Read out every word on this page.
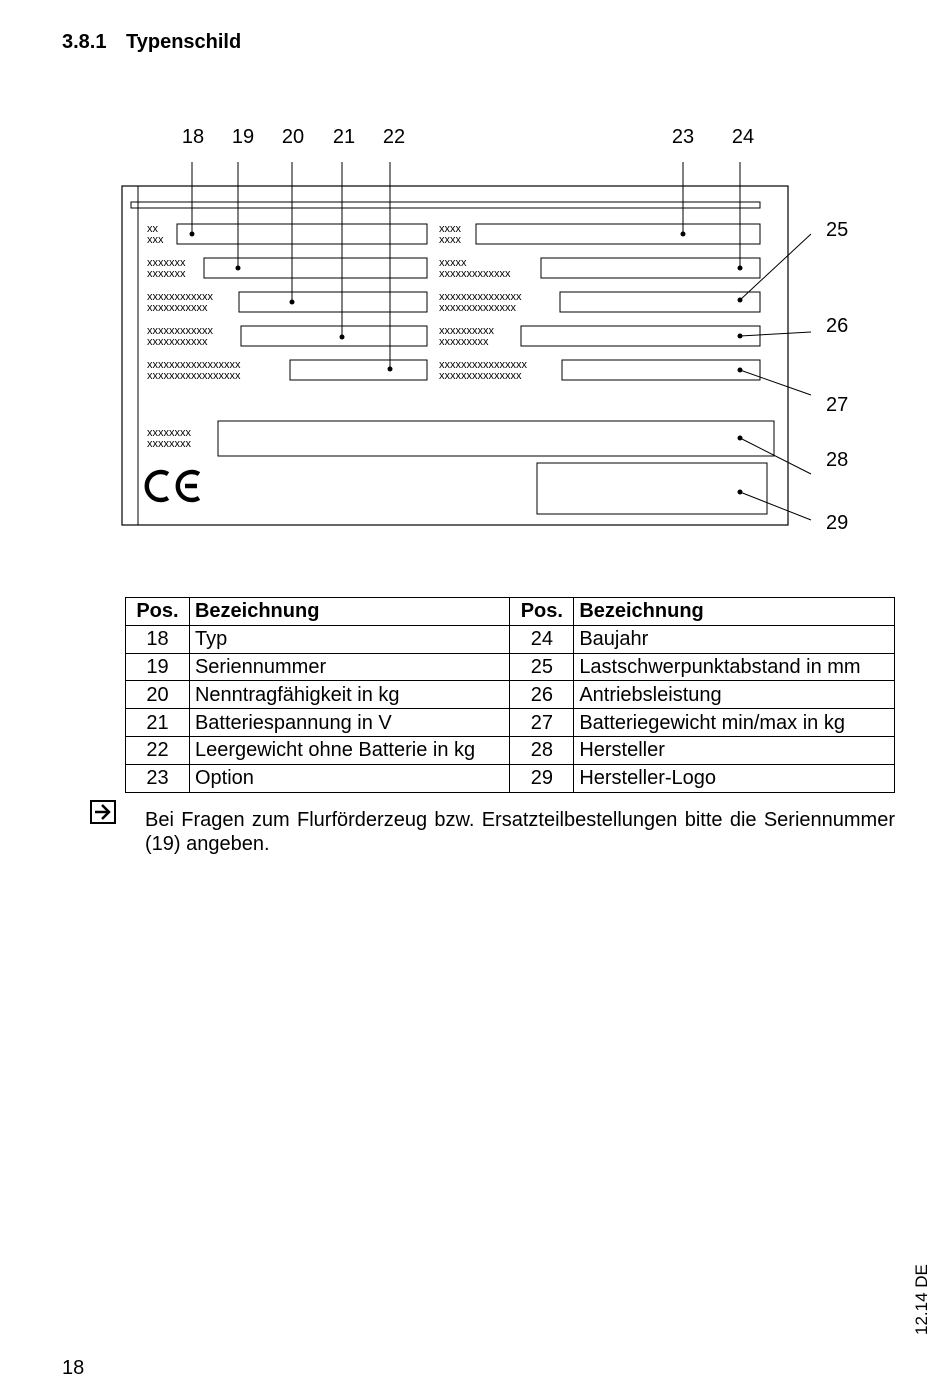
3.8.1 Typenschild
xx xxx
xxxxxxx xxxxxxx
xxxxxxxxxxxx xxxxxxxxxxx
xxxxxxxxxxxx xxxxxxxxxxx
xxxxxxxxxxxxxxxxx xxxxxxxxxxxxxxxxx
xxxx xxxx
xxxxx xxxxxxxxxxxxx
xxxxxxxxxxxxxxx xxxxxxxxxxxxxx
xxxxxxxxxx xxxxxxxxx
xxxxxxxxxxxxxxxx xxxxxxxxxxxxxxx
xxxxxxxx xxxxxxxx
18 19 20 21 22	23 24
25
26
27
28
29
Pos.	Bezeichnung	Pos.	Bezeichnung
18	Typ	24	Baujahr
19	Seriennummer	25	Lastschwerpunktabstand in mm
20	Nenntragfähigkeit in kg	26	Antriebsleistung
21	Batteriespannung in V	27	Batteriegewicht min/max in kg
22	Leergewicht ohne Batterie in kg	28	Hersteller
23	Option	29	Hersteller-Logo
Bei Fragen zum Flurförderzeug bzw. Ersatzteilbestellungen bitte die Seriennummer (19) angeben.
12.14 DE
18
